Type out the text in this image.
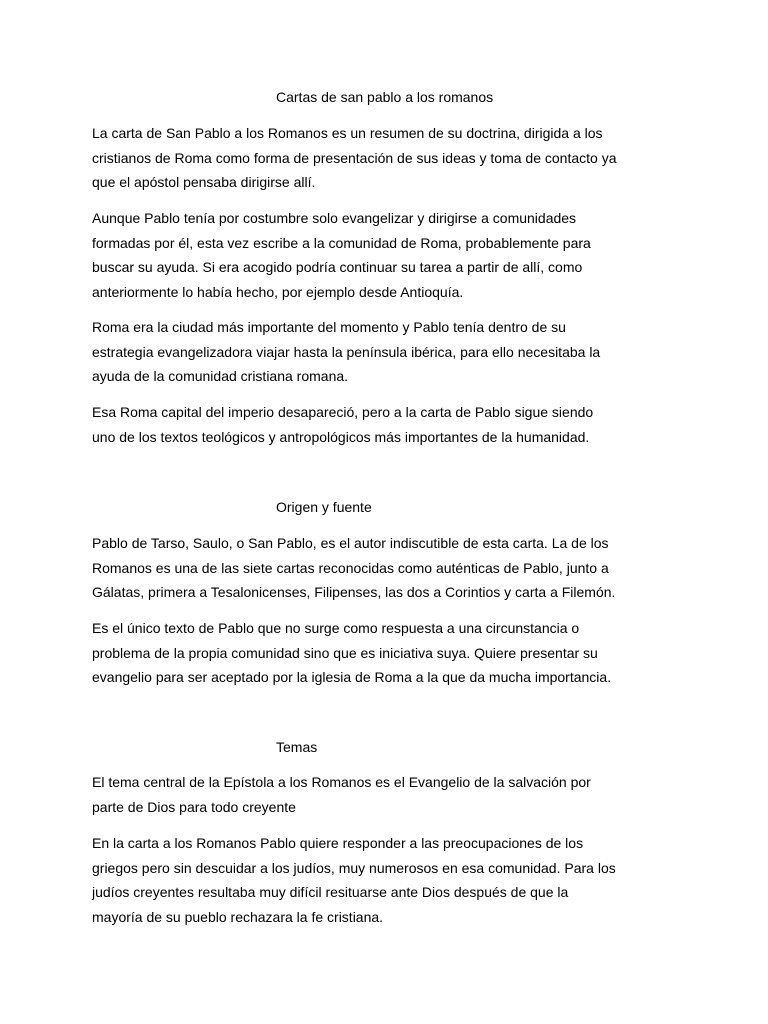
Cartas de san pablo a los romanos

La carta de San Pablo a los Romanos es un resumen de su doctrina, dirigida a los
cristianos de Roma como forma de presentación de sus ideas y toma de contacto ya
que el apóstol pensaba dirigirse allí.

Aunque Pablo tenía por costumbre solo evangelizar y dirigirse a comunidades
formadas por él, esta vez escribe a la comunidad de Roma, probablemente para
buscar su ayuda. Si era acogido podría continuar su tarea a partir de allí, como
anteriormente lo había hecho, por ejemplo desde Antioquía.

Roma era la ciudad más importante del momento y Pablo tenía dentro de su
estrategia evangelizadora viajar hasta la península ibérica, para ello necesitaba la
ayuda de la comunidad cristiana romana.

Esa Roma capital del imperio desapareció, pero a la carta de Pablo sigue siendo
uno de los textos teológicos y antropológicos más importantes de la humanidad.

Origen y fuente

Pablo de Tarso, Saulo, o San Pablo, es el autor indiscutible de esta carta. La de los
Romanos es una de las siete cartas reconocidas como auténticas de Pablo, junto a
Gálatas, primera a Tesalonicenses, Filipenses, las dos a Corintios y carta a Filemón.

Es el único texto de Pablo que no surge como respuesta a una circunstancia o
problema de la propia comunidad sino que es iniciativa suya. Quiere presentar su
evangelio para ser aceptado por la iglesia de Roma a la que da mucha importancia.

Temas

El tema central de la Epístola a los Romanos es el Evangelio de la salvación por
parte de Dios para todo creyente

En la carta a los Romanos Pablo quiere responder a las preocupaciones de los
griegos pero sin descuidar a los judíos, muy numerosos en esa comunidad. Para los
judíos creyentes resultaba muy difícil resituarse ante Dios después de que la
mayoría de su pueblo rechazara la fe cristiana.
